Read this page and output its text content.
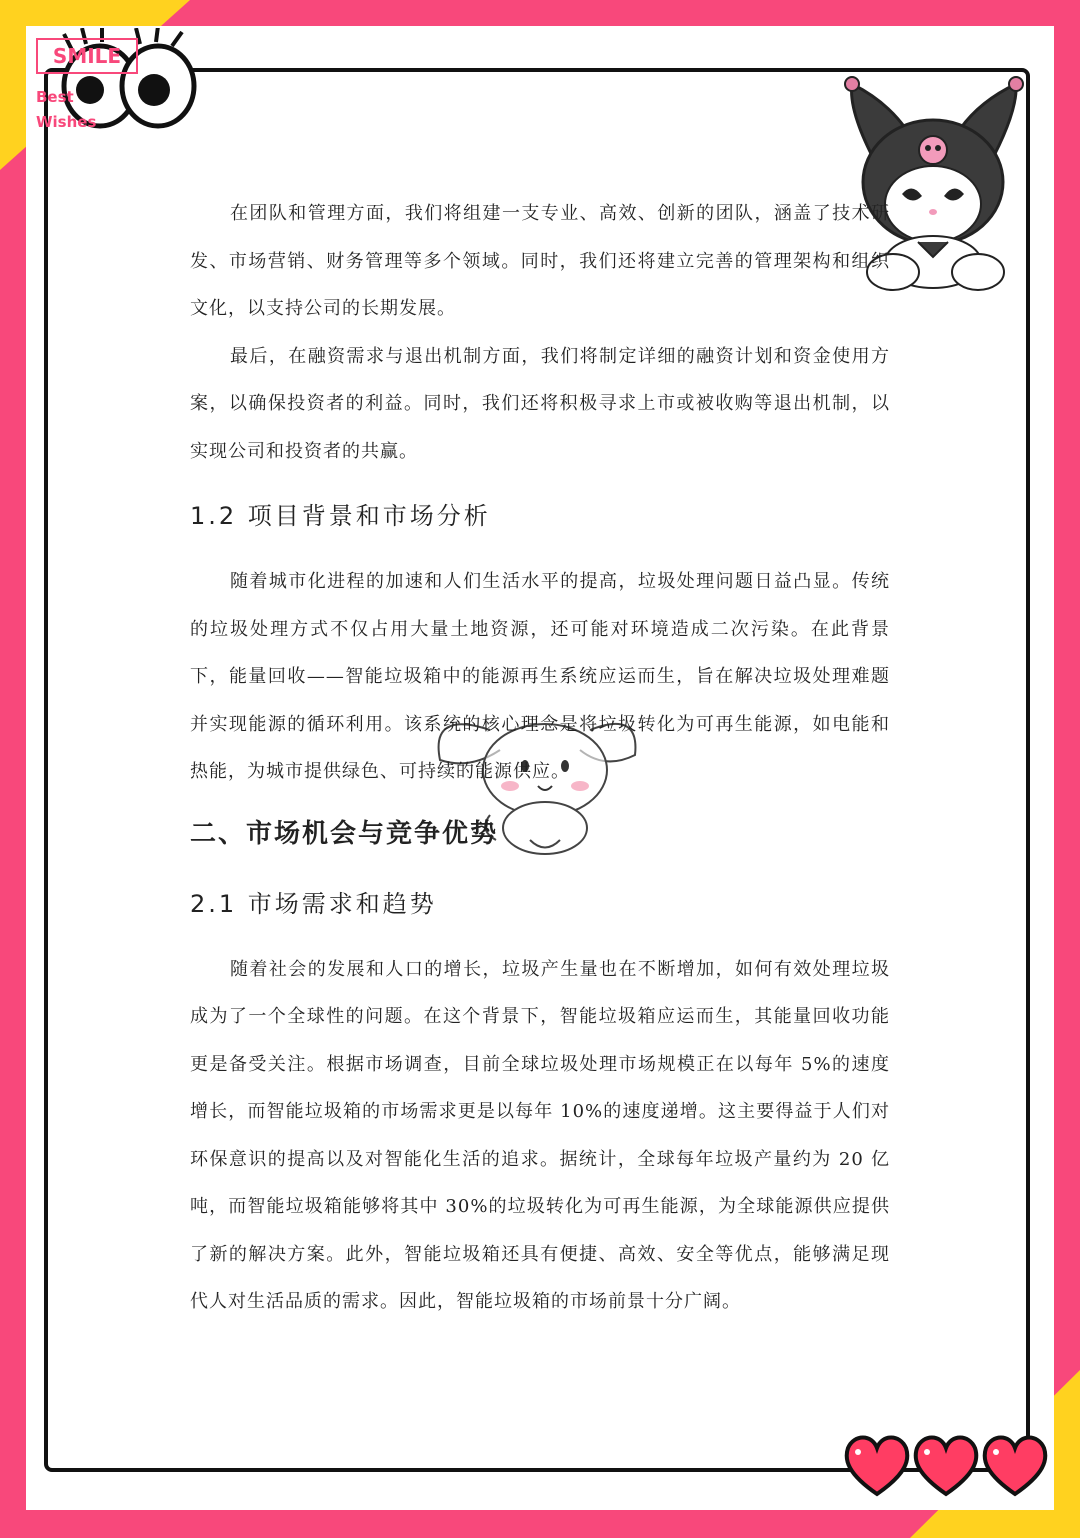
SMILE
Best
Wishes

在团队和管理方面，我们将组建一支专业、高效、创新的团队，涵盖了技术研发、市场营销、财务管理等多个领域。同时，我们还将建立完善的管理架构和组织文化，以支持公司的长期发展。

最后，在融资需求与退出机制方面，我们将制定详细的融资计划和资金使用方案，以确保投资者的利益。同时，我们还将积极寻求上市或被收购等退出机制，以实现公司和投资者的共赢。

1.2 项目背景和市场分析

随着城市化进程的加速和人们生活水平的提高，垃圾处理问题日益凸显。传统的垃圾处理方式不仅占用大量土地资源，还可能对环境造成二次污染。在此背景下，能量回收——智能垃圾箱中的能源再生系统应运而生，旨在解决垃圾处理难题并实现能源的循环利用。该系统的核心理念是将垃圾转化为可再生能源，如电能和热能，为城市提供绿色、可持续的能源供应。

二、市场机会与竞争优势

2.1 市场需求和趋势

随着社会的发展和人口的增长，垃圾产生量也在不断增加，如何有效处理垃圾成为了一个全球性的问题。在这个背景下，智能垃圾箱应运而生，其能量回收功能更是备受关注。根据市场调查，目前全球垃圾处理市场规模正在以每年 5%的速度增长，而智能垃圾箱的市场需求更是以每年 10%的速度递增。这主要得益于人们对环保意识的提高以及对智能化生活的追求。据统计，全球每年垃圾产量约为 20 亿吨，而智能垃圾箱能够将其中 30%的垃圾转化为可再生能源，为全球能源供应提供了新的解决方案。此外，智能垃圾箱还具有便捷、高效、安全等优点，能够满足现代人对生活品质的需求。因此，智能垃圾箱的市场前景十分广阔。
